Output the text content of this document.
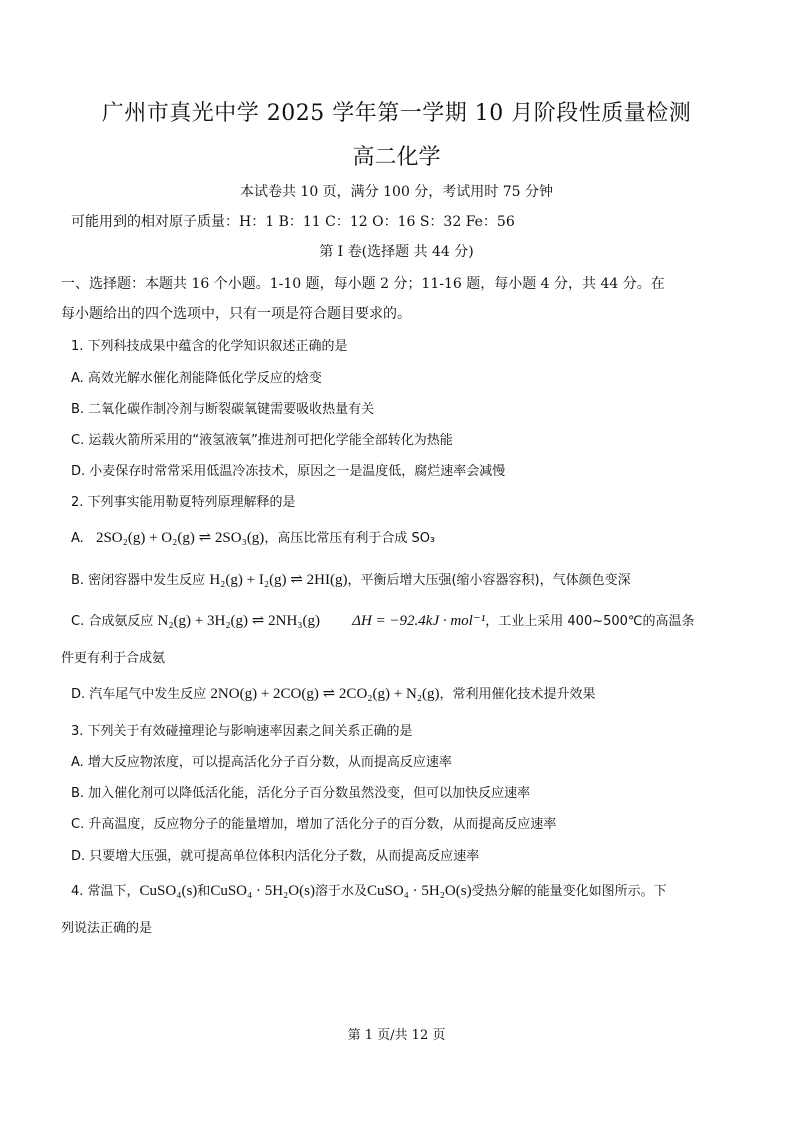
广州市真光中学 2025 学年第一学期 10 月阶段性质量检测
高二化学
本试卷共 10 页，满分 100 分，考试用时 75 分钟
可能用到的相对原子质量：H：1 B：11 C：12 O：16 S：32 Fe：56
第 I 卷(选择题 共 44 分)
一、选择题：本题共 16 个小题。1-10 题，每小题 2 分；11-16 题，每小题 4 分，共 44 分。在
每小题给出的四个选项中，只有一项是符合题目要求的。
1. 下列科技成果中蕴含的化学知识叙述正确的是
A. 高效光解水催化剂能降低化学反应的焓变
B. 二氧化碳作制冷剂与断裂碳氧键需要吸收热量有关
C. 运载火箭所采用的“液氢液氧”推进剂可把化学能全部转化为热能
D. 小麦保存时常常采用低温冷冻技术，原因之一是温度低，腐烂速率会减慢
2. 下列事实能用勒夏特列原理解释的是
A. 2SO₂(g) + O₂(g) ⇌ 2SO₃(g)，高压比常压有利于合成 SO₃
B. 密闭容器中发生反应 H₂(g) + I₂(g) ⇌ 2HI(g)，平衡后增大压强(缩小容器容积)，气体颜色变深
C. 合成氨反应 N₂(g) + 3H₂(g) ⇌ 2NH₃(g) ΔH = −92.4kJ · mol⁻¹，工业上采用 400~500℃的高温条
件更有利于合成氨
D. 汽车尾气中发生反应 2NO(g) + 2CO(g) ⇌ 2CO₂(g) + N₂(g)，常利用催化技术提升效果
3. 下列关于有效碰撞理论与影响速率因素之间关系正确的是
A. 增大反应物浓度，可以提高活化分子百分数，从而提高反应速率
B. 加入催化剂可以降低活化能，活化分子百分数虽然没变，但可以加快反应速率
C. 升高温度，反应物分子的能量增加，增加了活化分子的百分数，从而提高反应速率
D. 只要增大压强，就可提高单位体积内活化分子数，从而提高反应速率
4. 常温下，CuSO₄(s)和CuSO₄ · 5H₂O(s)溶于水及CuSO₄ · 5H₂O(s)受热分解的能量变化如图所示。下
列说法正确的是
第 1 页/共 12 页
